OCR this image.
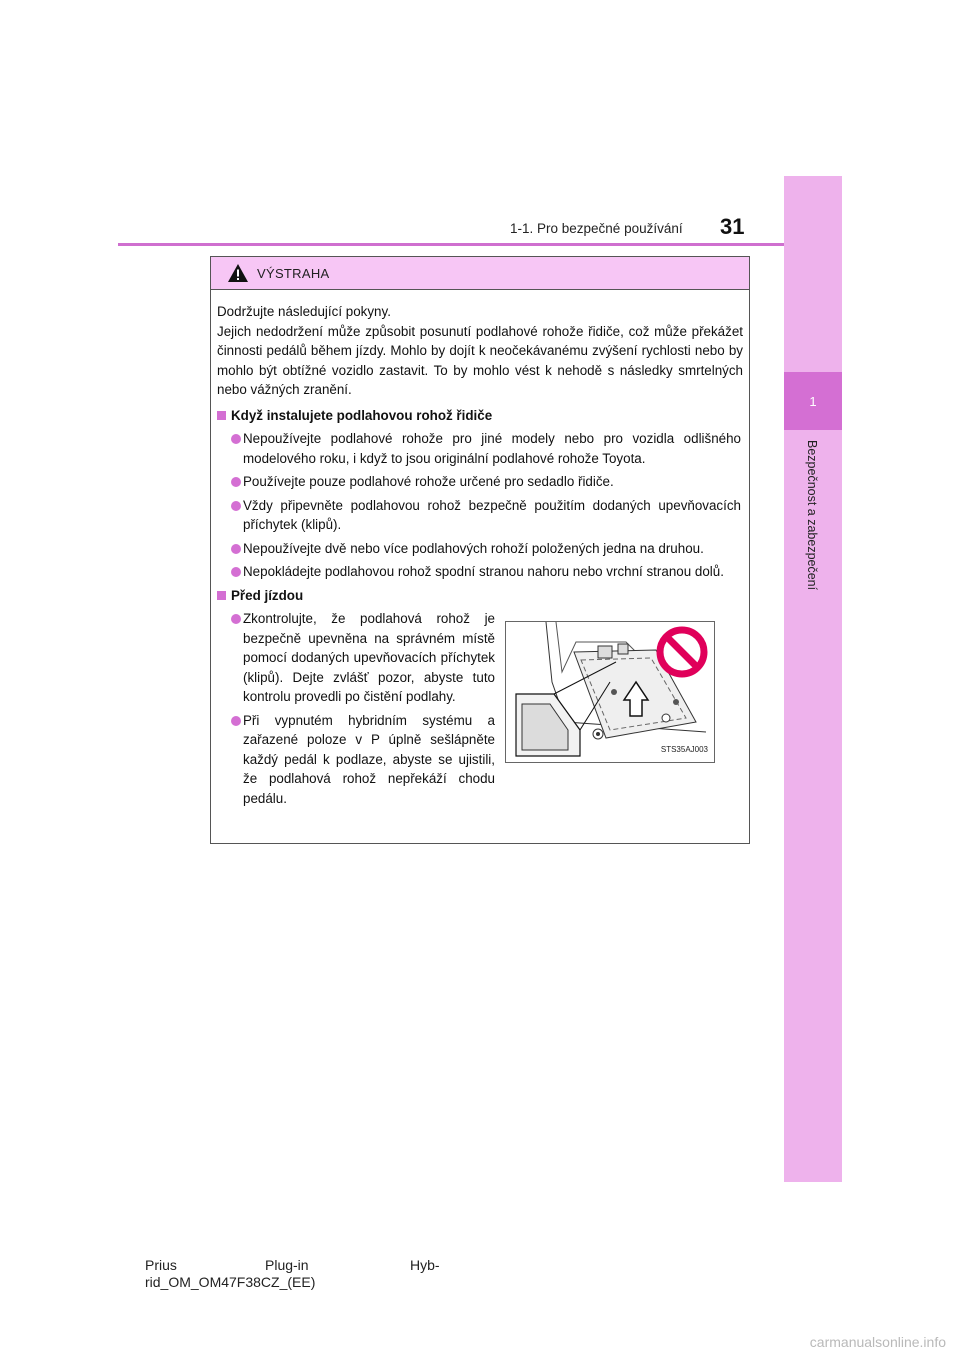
1
Bezpečnost a zabezpečení
1-1. Pro bezpečné používání 31
VÝSTRAHA
Dodržujte následující pokyny.
Jejich nedodržení může způsobit posunutí podlahové rohože řidiče, což může překážet činnosti pedálů během jízdy. Mohlo by dojít k neočekávanému zvýšení rychlosti nebo by mohlo být obtížné vozidlo zastavit. To by mohlo vést k nehodě s následky smrtelných nebo vážných zranění.
Když instalujete podlahovou rohož řidiče
Nepoužívejte podlahové rohože pro jiné modely nebo pro vozidla odlišného modelového roku, i když to jsou originální podlahové rohože Toyota.
Používejte pouze podlahové rohože určené pro sedadlo řidiče.
Vždy připevněte podlahovou rohož bezpečně použitím dodaných upevňovacích příchytek (klipů).
Nepoužívejte dvě nebo více podlahových rohoží položených jedna na druhou.
Nepokládejte podlahovou rohož spodní stranou nahoru nebo vrchní stranou dolů.
Před jízdou
Zkontrolujte, že podlahová rohož je bezpečně upevněna na správném místě pomocí dodaných upevňovacích příchytek (klipů). Dejte zvlášť pozor, abyste tuto kontrolu provedli po čistění podlahy.
Při vypnutém hybridním systému a zařazené poloze v P úplně sešlápněte každý pedál k podlaze, abyste se ujistili, že podlahová rohož nepřekáží chodu pedálu.
STS35AJ003
Prius	Plug-in	Hyb-
rid_OM_OM47F38CZ_(EE)
carmanualsonline.info
